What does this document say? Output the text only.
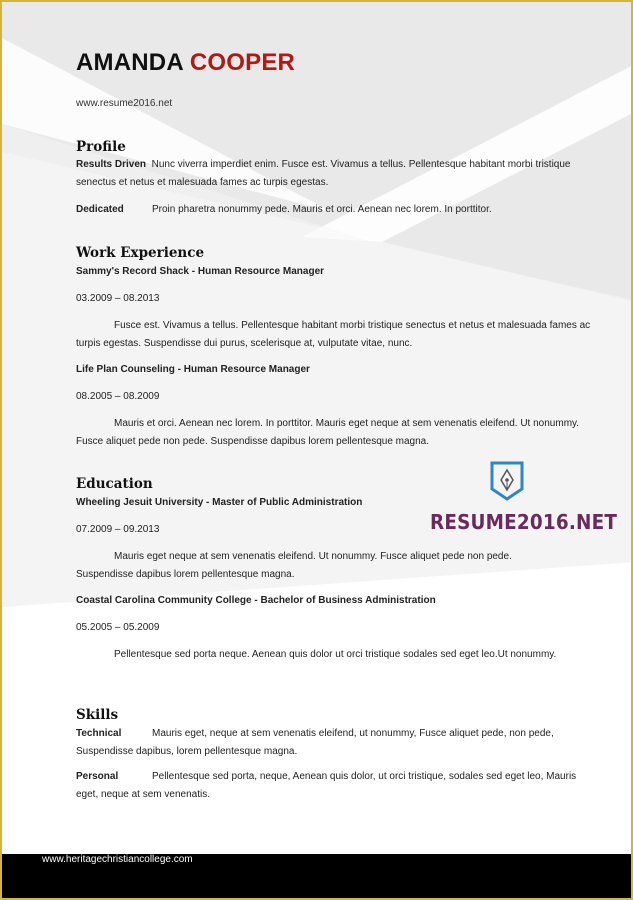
AMANDA COOPER
www.resume2016.net
Profile
Results Driven Nunc viverra imperdiet enim. Fusce est. Vivamus a tellus. Pellentesque habitant morbi tristique senectus et netus et malesuada fames ac turpis egestas.
Dedicated	Proin pharetra nonummy pede. Mauris et orci. Aenean nec lorem. In porttitor.
Work Experience
Sammy's Record Shack - Human Resource Manager
03.2009 – 08.2013
Fusce est. Vivamus a tellus. Pellentesque habitant morbi tristique senectus et netus et malesuada fames ac turpis egestas. Suspendisse dui purus, scelerisque at, vulputate vitae, nunc.
Life Plan Counseling - Human Resource Manager
08.2005 – 08.2009
Mauris et orci. Aenean nec lorem. In porttitor. Mauris eget neque at sem venenatis eleifend. Ut nonummy. Fusce aliquet pede non pede. Suspendisse dapibus lorem pellentesque magna.
Education
Wheeling Jesuit University - Master of Public Administration
07.2009 – 09.2013
Mauris eget neque at sem venenatis eleifend. Ut nonummy. Fusce aliquet pede non pede. Suspendisse dapibus lorem pellentesque magna.
Coastal Carolina Community College - Bachelor of Business Administration
05.2005 – 05.2009
Pellentesque sed porta neque. Aenean quis dolor ut orci tristique sodales sed eget leo.Ut nonummy.
Skills
Technical	Mauris eget, neque at sem venenatis eleifend, ut nonummy, Fusce aliquet pede, non pede, Suspendisse dapibus, lorem pellentesque magna.
Personal	Pellentesque sed porta, neque, Aenean quis dolor, ut orci tristique, sodales sed eget leo, Mauris eget, neque at sem venenatis.
RESUME2016.NET
www.heritagechristiancollege.com
